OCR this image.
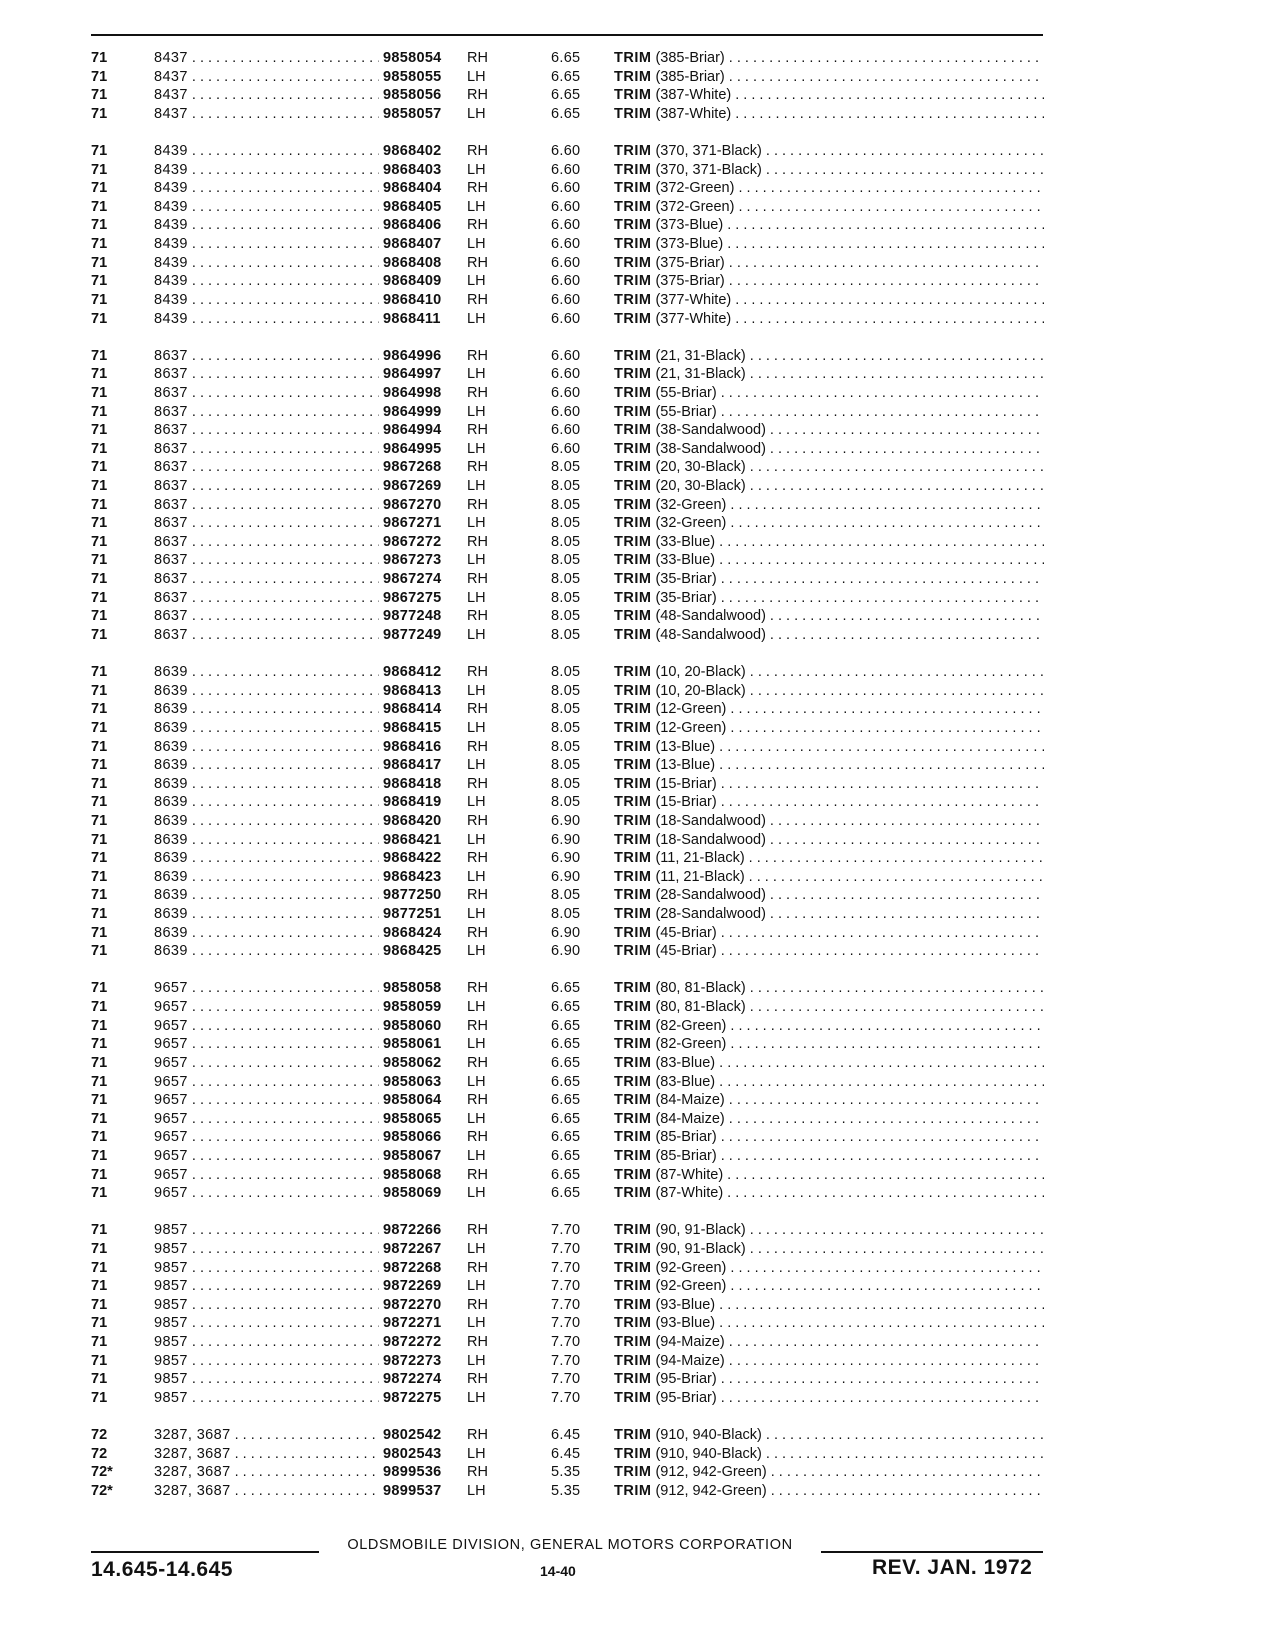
71	8437 . . .	9858054	RH	6.65 TRIM (385-Briar) . . .
71	8437 . . .	9858055	LH	6.65 TRIM (385-Briar) . . .
71	8437 . . .	9858056	RH	6.65 TRIM (387-White) . . .
71	8437 . . .	9858057	LH	6.65 TRIM (387-White) . . .
71	8439 . . .	9868402	RH	6.60 TRIM (370, 371-Black) . . .
71	8439 . . .	9868403	LH	6.60 TRIM (370, 371-Black) . . .
71	8439 . . .	9868404	RH	6.60 TRIM (372-Green) . . .
71	8439 . . .	9868405	LH	6.60 TRIM (372-Green) . . .
71	8439 . . .	9868406	RH	6.60 TRIM (373-Blue) . . .
71	8439 . . .	9868407	LH	6.60 TRIM (373-Blue) . . .
71	8439 . . .	9868408	RH	6.60 TRIM (375-Briar) . . .
71	8439 . . .	9868409	LH	6.60 TRIM (375-Briar) . . .
71	8439 . . .	9868410	RH	6.60 TRIM (377-White) . . .
71	8439 . . .	9868411	LH	6.60 TRIM (377-White) . . .
71	8637 . . .	9864996	RH	6.60 TRIM (21, 31-Black) . . .
71	8637 . . .	9864997	LH	6.60 TRIM (21, 31-Black) . . .
71	8637 . . .	9864998	RH	6.60 TRIM (55-Briar) . . .
71	8637 . . .	9864999	LH	6.60 TRIM (55-Briar) . . .
71	8637 . . .	9864994	RH	6.60 TRIM (38-Sandalwood) . . .
71	8637 . . .	9864995	LH	6.60 TRIM (38-Sandalwood) . . .
71	8637 . . .	9867268	RH	8.05 TRIM (20, 30-Black) . . .
71	8637 . . .	9867269	LH	8.05 TRIM (20, 30-Black) . . .
71	8637 . . .	9867270	RH	8.05 TRIM (32-Green) . . .
71	8637 . . .	9867271	LH	8.05 TRIM (32-Green) . . .
71	8637 . . .	9867272	RH	8.05 TRIM (33-Blue) . . .
71	8637 . . .	9867273	LH	8.05 TRIM (33-Blue) . . .
71	8637 . . .	9867274	RH	8.05 TRIM (35-Briar) . . .
71	8637 . . .	9867275	LH	8.05 TRIM (35-Briar) . . .
71	8637 . . .	9877248	RH	8.05 TRIM (48-Sandalwood) . . .
71	8637 . . .	9877249	LH	8.05 TRIM (48-Sandalwood) . . .
71	8639 . . .	9868412	RH	8.05 TRIM (10, 20-Black) . . .
71	8639 . . .	9868413	LH	8.05 TRIM (10, 20-Black) . . .
71	8639 . . .	9868414	RH	8.05 TRIM (12-Green) . . .
71	8639 . . .	9868415	LH	8.05 TRIM (12-Green) . . .
71	8639 . . .	9868416	RH	8.05 TRIM (13-Blue) . . .
71	8639 . . .	9868417	LH	8.05 TRIM (13-Blue) . . .
71	8639 . . .	9868418	RH	8.05 TRIM (15-Briar) . . .
71	8639 . . .	9868419	LH	8.05 TRIM (15-Briar) . . .
71	8639 . . .	9868420	RH	6.90 TRIM (18-Sandalwood) . . .
71	8639 . . .	9868421	LH	6.90 TRIM (18-Sandalwood) . . .
71	8639 . . .	9868422	RH	6.90 TRIM (11, 21-Black) . . .
71	8639 . . .	9868423	LH	6.90 TRIM (11, 21-Black) . . .
71	8639 . . .	9877250	RH	8.05 TRIM (28-Sandalwood) . . .
71	8639 . . .	9877251	LH	8.05 TRIM (28-Sandalwood) . . .
71	8639 . . .	9868424	RH	6.90 TRIM (45-Briar) . . .
71	8639 . . .	9868425	LH	6.90 TRIM (45-Briar) . . .
71	9657 . . .	9858058	RH	6.65 TRIM (80, 81-Black) . . .
71	9657 . . .	9858059	LH	6.65 TRIM (80, 81-Black) . . .
71	9657 . . .	9858060	RH	6.65 TRIM (82-Green) . . .
71	9657 . . .	9858061	LH	6.65 TRIM (82-Green) . . .
71	9657 . . .	9858062	RH	6.65 TRIM (83-Blue) . . .
71	9657 . . .	9858063	LH	6.65 TRIM (83-Blue) . . .
71	9657 . . .	9858064	RH	6.65 TRIM (84-Maize) . . .
71	9657 . . .	9858065	LH	6.65 TRIM (84-Maize) . . .
71	9657 . . .	9858066	RH	6.65 TRIM (85-Briar) . . .
71	9657 . . .	9858067	LH	6.65 TRIM (85-Briar) . . .
71	9657 . . .	9858068	RH	6.65 TRIM (87-White) . . .
71	9657 . . .	9858069	LH	6.65 TRIM (87-White) . . .
71	9857 . . .	9872266	RH	7.70 TRIM (90, 91-Black) . . .
71	9857 . . .	9872267	LH	7.70 TRIM (90, 91-Black) . . .
71	9857 . . .	9872268	RH	7.70 TRIM (92-Green) . . .
71	9857 . . .	9872269	LH	7.70 TRIM (92-Green) . . .
71	9857 . . .	9872270	RH	7.70 TRIM (93-Blue) . . .
71	9857 . . .	9872271	LH	7.70 TRIM (93-Blue) . . .
71	9857 . . .	9872272	RH	7.70 TRIM (94-Maize) . . .
71	9857 . . .	9872273	LH	7.70 TRIM (94-Maize) . . .
71	9857 . . .	9872274	RH	7.70 TRIM (95-Briar) . . .
71	9857 . . .	9872275	LH	7.70 TRIM (95-Briar) . . .
72	3287, 3687 . . .	9802542	RH	6.45 TRIM (910, 940-Black) . . .
72	3287, 3687 . . .	9802543	LH	6.45 TRIM (910, 940-Black) . . .
72*	3287, 3687 . . .	9899536	RH	5.35 TRIM (912, 942-Green) . . .
72*	3287, 3687 . . .	9899537	LH	5.35 TRIM (912, 942-Green) . . .
OLDSMOBILE DIVISION, GENERAL MOTORS CORPORATION
14.645-14.645	14-40	REV. JAN. 1972
